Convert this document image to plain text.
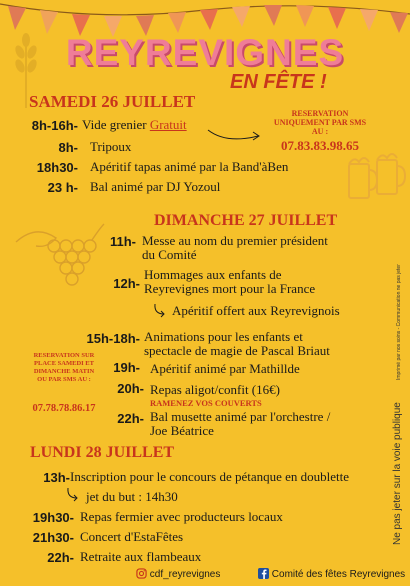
REYREVIGNES
EN FÊTE !
SAMEDI 26 JUILLET
8h-16h- Vide grenier Gratuit
8h- Tripoux
18h30- Apéritif tapas animé par la Band'àBen
23 h- Bal animé par DJ Yozoul
RESERVATION
UNIQUEMENT PAR SMS
AU :
07.83.83.98.65
DIMANCHE 27 JUILLET
11h- Messe au nom du premier président
du Comité
12h-
Hommages aux enfants de
Reyrevignes mort pour la France
Apéritif offert aux Reyrevignois
15h-18h- Animations pour les enfants et
spectacle de magie de Pascal Briaut
19h- Apéritif animé par Mathillde
20h- Repas aligot/confit (16€)
RAMENEZ VOS COUVERTS
22h- Bal musette animé par l'orchestre /
Joe Béatrice
RESERVATION SUR
PLACE SAMEDI ET
DIMANCHE MATIN
OU PAR SMS AU :
07.78.78.86.17
LUNDI 28 JUILLET
13h- Inscription pour le concours de pétanque en doublette
jet du but : 14h30
19h30- Repas fermier avec producteurs locaux
21h30- Concert d'EstaFêtes
22h- Retraite aux flambeaux
Ne pas jeter sur la voie publique
Imprimé par nos soins - Communication ne pas jeter
cdf_reyrevignes	Comité des fêtes Reyrevignes
